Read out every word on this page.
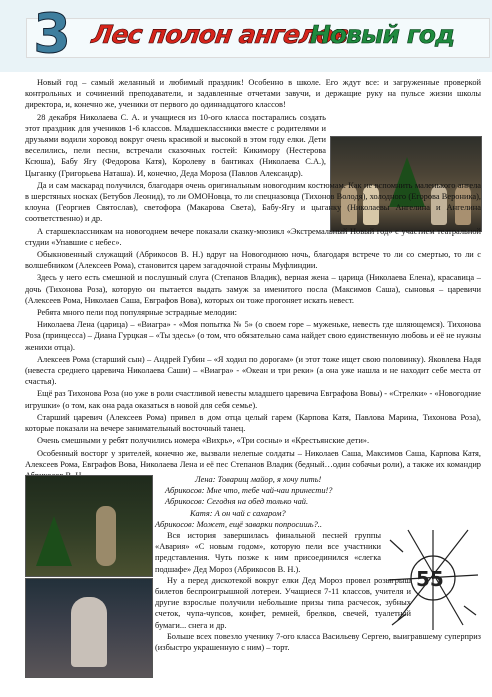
3 Лес полон ангелов
Новый год

Новый год – самый желанный и любимый праздник! Особенно в школе. Его ждут все: и загруженные проверкой контрольных и сочинений преподаватели, и задавленные отчетами завучи, и держащие руку на пульсе жизни школы директора, и, конечно же, ученики от первого до одиннадцатого классов!

28 декабря Николаева С. А. и учащиеся из 10-ого класса постарались создать этот праздник для учеников 1-6 классов. Младшеклассники вместе с родителями и друзьями водили хоровод вокруг очень красивой и высокой в этом году елки. Дети веселились, пели песни, встречали сказочных гостей: Кикимору (Нестерова Ксюша), Бабу Ягу (Федорова Катя), Королеву в бантиках (Николаева С.А.), Цыганку (Григорьева Наташа). И, конечно, Деда Мороза (Павлов Александр).

Да и сам маскарад получился, благодаря очень оригинальным новогодним костюмам. Как не вспомнить маленького ангела в шерстяных носках (Бетубов Леонид), то ли ОМОНовца, то ли спецназовца (Тихонов Володя), холодного (Егорова Вероника), клоуна (Георгиев Святослав), светофора (Макарова Света), Бабу-Ягу и цыганку (Николаевы Ангелина и Ангелина соответственно) и др.

А старшеклассникам на новогоднем вечере показали сказку-мюзикл «Экстремальный Новый год» с участием театральной студии «Упавшие с небес».

Обыкновенный служащий (Абрикосов В. Н.) вдруг на Новогоднюю ночь, благодаря встрече то ли со смертью, то ли с волшебником (Алексеев Рома), становится царем загадочной страны Муфлиндии.

Здесь у него есть смешной и послушный слуга (Степанов Владик), верная жена – царица (Николаева Елена), красавица – дочь (Тихонова Роза), которую он пытается выдать замуж за именитого посла (Максимов Саша), сыновья – царевичи (Алексеев Рома, Николаев Саша, Евграфов Вова), которых он тоже прогоняет искать невест.

Ребята много пели под популярные эстрадные мелодии:

Николаева Лена (царица) – «Виагра» - «Моя попытка № 5» (о своем горе – муженьке, невесть где шляющемся). Тихонова Роза (принцесса) – Диана Гурцкая – «Ты здесь» (о том, что обязательно сама найдет свою единственную любовь и её не нужны женихи отца).

Алексеев Рома (старший сын) – Андрей Губин – «Я ходил по дорогам» (и этот тоже ищет свою половинку). Яковлева Надя (невеста среднего царевича Николаева Саши) – «Виагра» - «Океан и три реки» (а она уже нашла и не находит себе места от счастья).

Ещё раз Тихонова Роза (но уже в роли счастливой невесты младшего царевича Евграфова Вовы) - «Стрелки» - «Новогодние игрушки» (о том, как она рада оказаться в новой для себя семье).

Старший царевич (Алексеев Рома) привел в дом отца целый гарем (Карпова Катя, Павлова Марина, Тихонова Роза), которые показали на вечере занимательный восточный танец.

Очень смешными у ребят получились номера «Вихрь», «Три сосны» и «Крестьянские дети».

Особенный восторг у зрителей, конечно же, вызвали нелепые солдаты – Николаев Саша, Максимов Саша, Карпова Катя, Алексеев Рома, Евграфов Вова, Николаева Лена и её пес Степанов Владик (бедный…один собачьи роли), а также их командир

Лена: Товарищ майор, я хочу пить!

Абрикосов: Мне что, тебе чай-чаи принести!?

Абрикосов: Сегодня на обед только чай.

Катя: А он чай с сахаром?

Абрикосов: Может, ещё заварки попросишь?..

Вся история завершилась финальной песней группы «Авария» «С новым годом», которую пели все участники представления. Чуть позже к ним присоединился «слегка подшафе» Дед Мороз (Абрикосов В. Н.).

Ну а перед дискотекой вокруг елки Дед Мороз провел розыгрыш билетов беспроигрышной лотереи. Учащиеся 7-11 классов, учителя и другие взрослые получили небольшие призы типа расчесок, зубных счеток, чупа-чупсов, конфет, ремней, брелков, свечей, туалетной бумаги... снега и др.

Больше всех повезло ученику 7-ого класса Васильеву Сергею, выигравшему суперприз (избыстро украшенную с ним) – торт.

55
